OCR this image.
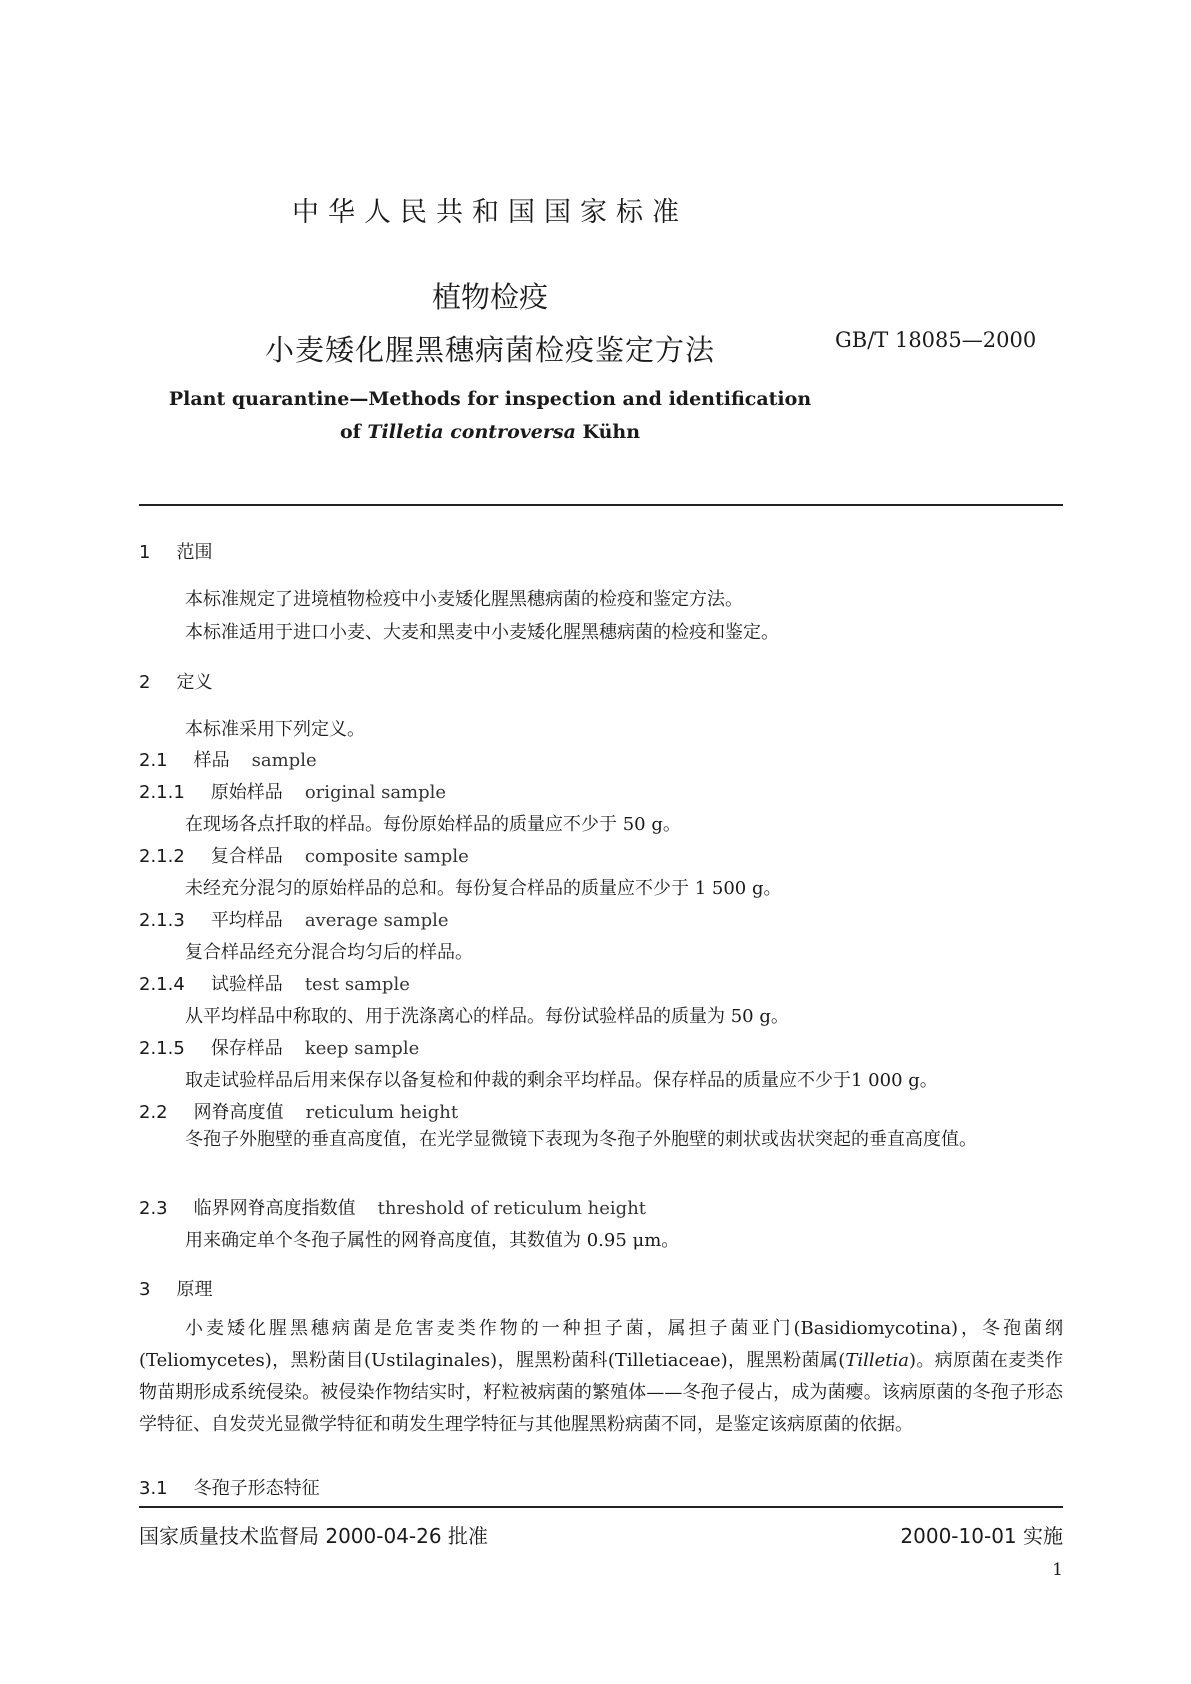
中华人民共和国国家标准
植物检疫
小麦矮化腥黑穗病菌检疫鉴定方法	GB/T 18085—2000
Plant quarantine—Methods for inspection and identification
of Tilletia controversa Kühn
1 范围
本标准规定了进境植物检疫中小麦矮化腥黑穗病菌的检疫和鉴定方法。
本标准适用于进口小麦、大麦和黑麦中小麦矮化腥黑穗病菌的检疫和鉴定。
2 定义
本标准采用下列定义。
2.1 样品 sample
2.1.1 原始样品 original sample
在现场各点扦取的样品。每份原始样品的质量应不少于 50 g。
2.1.2 复合样品 composite sample
未经充分混匀的原始样品的总和。每份复合样品的质量应不少于 1 500 g。
2.1.3 平均样品 average sample
复合样品经充分混合均匀后的样品。
2.1.4 试验样品 test sample
从平均样品中称取的、用于洗涤离心的样品。每份试验样品的质量为 50 g。
2.1.5 保存样品 keep sample
取走试验样品后用来保存以备复检和仲裁的剩余平均样品。保存样品的质量应不少于1 000 g。
2.2 网脊高度值 reticulum height
冬孢子外胞壁的垂直高度值，在光学显微镜下表现为冬孢子外胞壁的刺状或齿状突起的垂直高度值。
2.3 临界网脊高度指数值 threshold of reticulum height
用来确定单个冬孢子属性的网脊高度值，其数值为 0.95 μm。
3 原理
小麦矮化腥黑穗病菌是危害麦类作物的一种担子菌，属担子菌亚门(Basidiomycotina)，冬孢菌纲(Teliomycetes)，黑粉菌目(Ustilaginales)，腥黑粉菌科(Tilletiaceae)，腥黑粉菌属(Tilletia)。病原菌在麦类作物苗期形成系统侵染。被侵染作物结实时，籽粒被病菌的繁殖体——冬孢子侵占，成为菌瘿。该病原菌的冬孢子形态学特征、自发荧光显微学特征和萌发生理学特征与其他腥黑粉病菌不同，是鉴定该病原菌的依据。
3.1 冬孢子形态特征
国家质量技术监督局 2000-04-26 批准	2000-10-01 实施
1
